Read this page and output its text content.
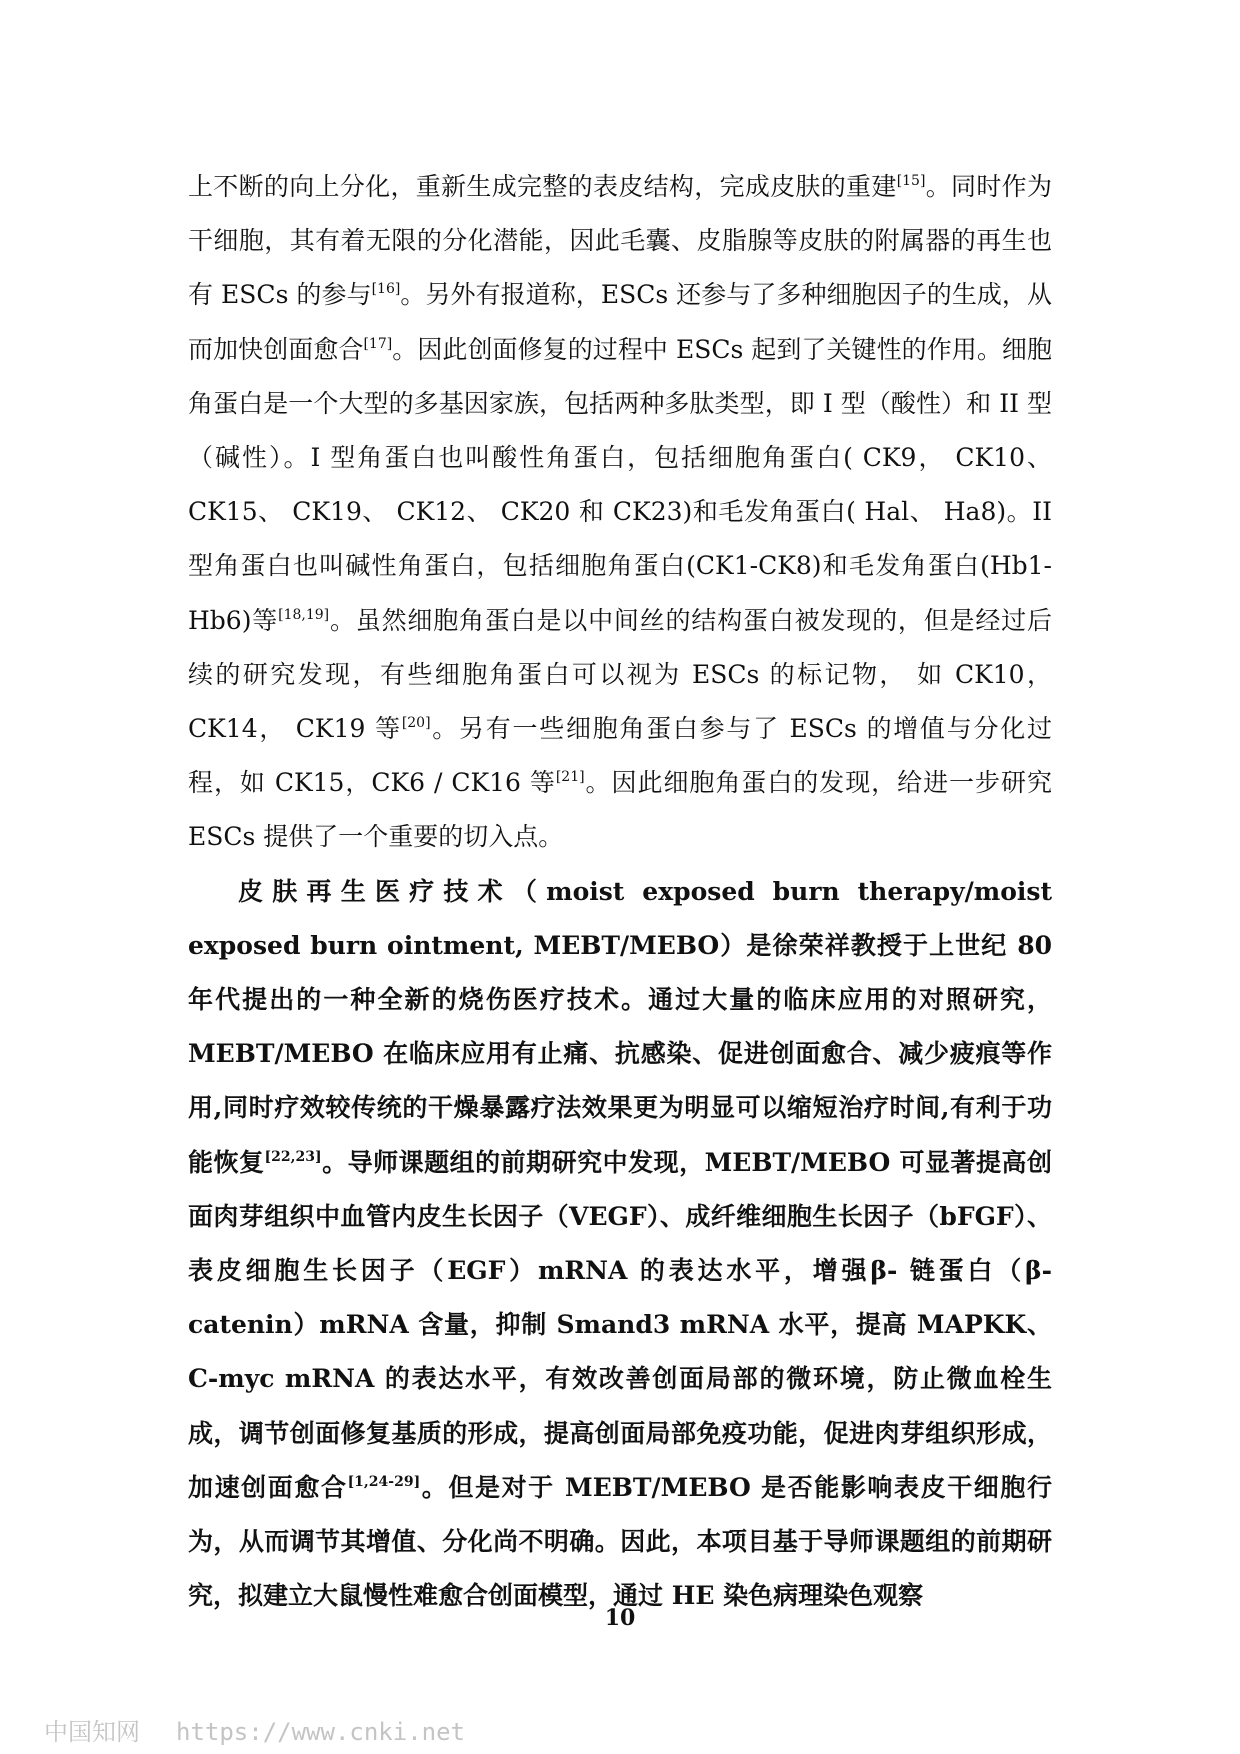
上不断的向上分化，重新生成完整的表皮结构，完成皮肤的重建[15]。同时作为干细胞，其有着无限的分化潜能，因此毛囊、皮脂腺等皮肤的附属器的再生也有 ESCs 的参与[16]。另外有报道称，ESCs 还参与了多种细胞因子的生成，从而加快创面愈合[17]。因此创面修复的过程中 ESCs 起到了关键性的作用。细胞角蛋白是一个大型的多基因家族，包括两种多肽类型，即 I 型（酸性）和 II 型（碱性）。I 型角蛋白也叫酸性角蛋白，包括细胞角蛋白( CK9， CK10、CK15、 CK19、 CK12、 CK20 和 CK23)和毛发角蛋白( Hal、 Ha8)。II 型角蛋白也叫碱性角蛋白，包括细胞角蛋白(CK1-CK8)和毛发角蛋白(Hb1-Hb6)等[18,19]。虽然细胞角蛋白是以中间丝的结构蛋白被发现的，但是经过后续的研究发现，有些细胞角蛋白可以视为 ESCs 的标记物， 如 CK10， CK14， CK19 等[20]。另有一些细胞角蛋白参与了 ESCs 的增值与分化过程，如 CK15，CK6 / CK16 等[21]。因此细胞角蛋白的发现，给进一步研究 ESCs 提供了一个重要的切入点。

皮肤再生医疗技术（moist exposed burn therapy/moist exposed burn ointment, MEBT/MEBO）是徐荣祥教授于上世纪 80 年代提出的一种全新的烧伤医疗技术。通过大量的临床应用的对照研究，MEBT/MEBO 在临床应用有止痛、抗感染、促进创面愈合、减少疲痕等作用,同时疗效较传统的干燥暴露疗法效果更为明显可以缩短治疗时间,有利于功能恢复[22,23]。导师课题组的前期研究中发现，MEBT/MEBO 可显著提高创面肉芽组织中血管内皮生长因子（VEGF）、成纤维细胞生长因子（bFGF）、表皮细胞生长因子（EGF）mRNA 的表达水平，增强β- 链蛋白（β-catenin）mRNA 含量，抑制 Smand3 mRNA 水平，提高 MAPKK、C-myc mRNA 的表达水平，有效改善创面局部的微环境，防止微血栓生成，调节创面修复基质的形成，提高创面局部免疫功能，促进肉芽组织形成，加速创面愈合[1,24-29]。但是对于 MEBT/MEBO 是否能影响表皮干细胞行为，从而调节其增值、分化尚不明确。因此，本项目基于导师课题组的前期研究，拟建立大鼠慢性难愈合创面模型，通过 HE 染色病理染色观察

10
中国知网 https://www.cnki.net
